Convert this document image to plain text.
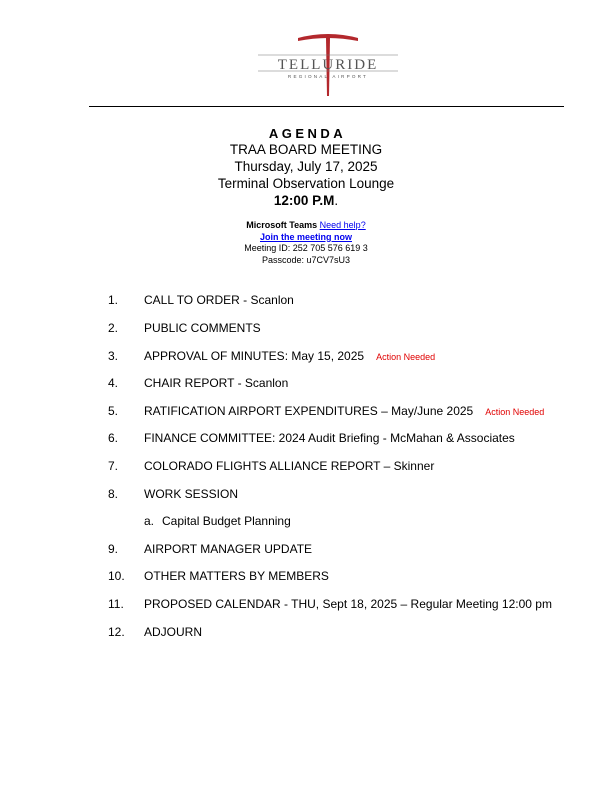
TELLURIDE
REGIONAL AIRPORT
AGENDA
TRAA BOARD MEETING
Thursday, July 17, 2025
Terminal Observation Lounge
12:00 P.M.
Microsoft Teams Need help?
Join the meeting now
Meeting ID: 252 705 576 619 3
Passcode: u7CV7sU3
1. CALL TO ORDER - Scanlon
2. PUBLIC COMMENTS
3. APPROVAL OF MINUTES: May 15, 2025 Action Needed
4. CHAIR REPORT - Scanlon
5. RATIFICATION AIRPORT EXPENDITURES – May/June 2025 Action Needed
6. FINANCE COMMITTEE: 2024 Audit Briefing - McMahan & Associates
7. COLORADO FLIGHTS ALLIANCE REPORT – Skinner
8. WORK SESSION
a. Capital Budget Planning
9. AIRPORT MANAGER UPDATE
10. OTHER MATTERS BY MEMBERS
11. PROPOSED CALENDAR - THU, Sept 18, 2025 – Regular Meeting 12:00 pm
12. ADJOURN
